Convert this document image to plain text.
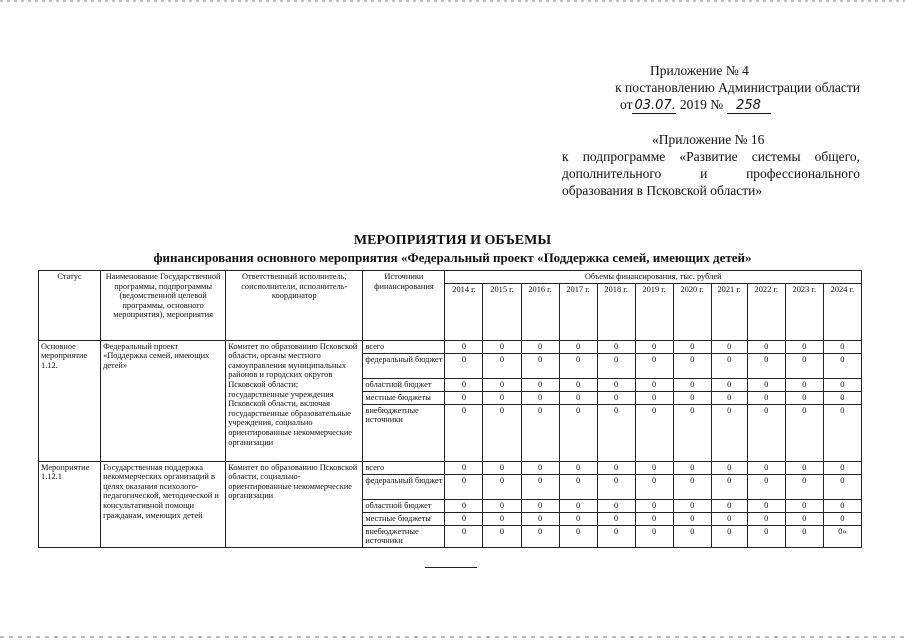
Приложение № 4
к постановлению Администрации области
от 03.07. 2019 № 258
«Приложение № 16
к подпрограмме «Развитие системы общего,
дополнительного и профессионального
образования в Псковской области»
МЕРОПРИЯТИЯ И ОБЪЕМЫ
финансирования основного мероприятия «Федеральный проект «Поддержка семей, имеющих детей»
Статус	Наименование Государственной программы, подпрограммы (ведомственной целевой программы, основного мероприятия), мероприятия	Ответственный исполнитель, соисполнители, исполнитель-координатор	Источники финансирования	Объемы финансирования, тыс. рублей										
				2014 г.	2015 г.	2016 г.	2017 г.	2018 г.	2019 г.	2020 г.	2021 г.	2022 г.	2023 г.	2024 г.
Основное мероприятие 1.12.	Федеральный проект «Поддержка семей, имеющих детей»	Комитет по образованию Псковской области, органы местного самоуправления муниципальных районов и городских округов Псковской области; государственные учреждения Псковской области, включая государственные образовательные учреждения, социально ориентированные некоммерческие организации	всего	0	0	0	0	0	0	0	0	0	0	0
			федеральный бюджет	0	0	0	0	0	0	0	0	0	0	0
			областной бюджет	0	0	0	0	0	0	0	0	0	0	0
			местные бюджеты	0	0	0	0	0	0	0	0	0	0	0
			внебюджетные источники	0	0	0	0	0	0	0	0	0	0	0
Мероприятие 1.12.1	Государственная поддержка некоммерческих организаций в целях оказания психолого-педагогической, методической и консультативной помощи гражданам, имеющих детей	Комитет по образованию Псковской области, социально-ориентированные некоммерческие организации	всего	0	0	0	0	0	0	0	0	0	0	0
			федеральный бюджет	0	0	0	0	0	0	0	0	0	0	0
			областной бюджет	0	0	0	0	0	0	0	0	0	0	0
			местные бюджеты	0	0	0	0	0	0	0	0	0	0	0
			внебюджетные источники	0	0	0	0	0	0	0	0	0	0	0»
